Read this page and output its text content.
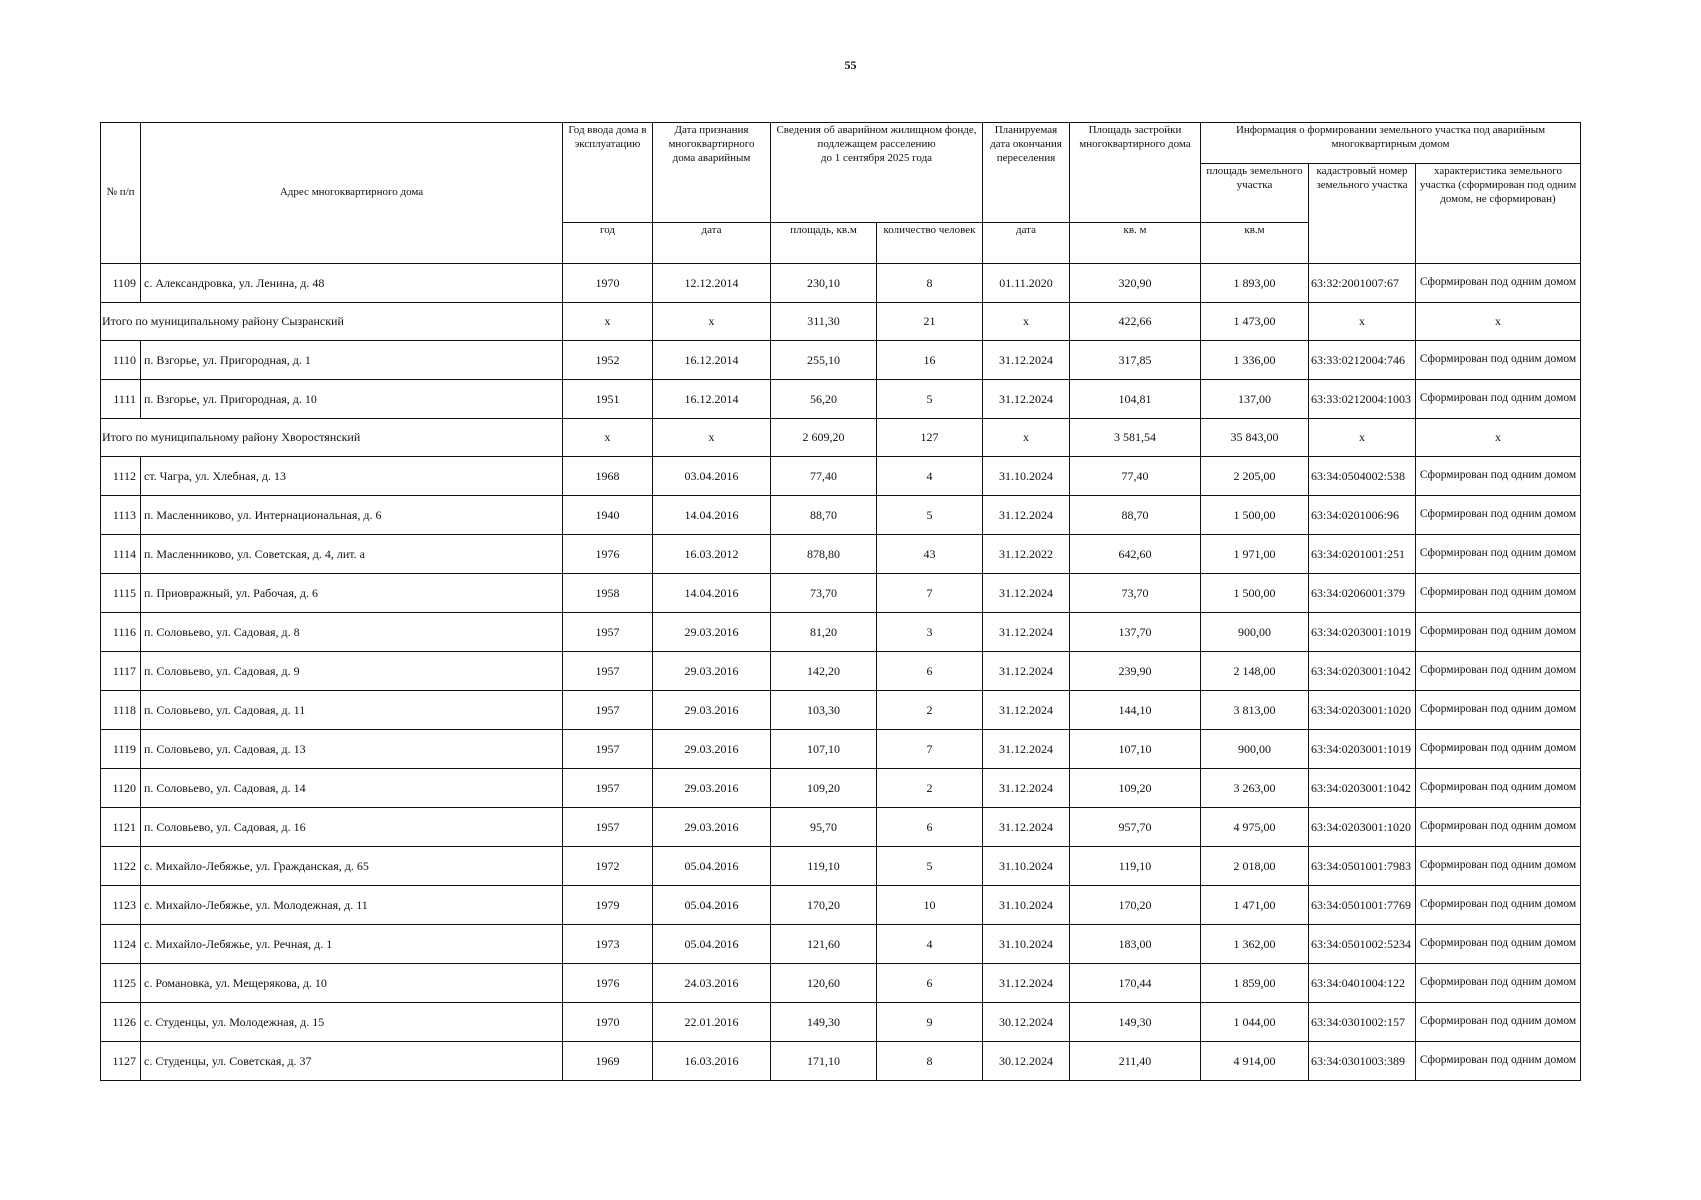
55
№ п/п	Адрес многоквартирного дома	Год ввода дома в эксплуатацию	Дата признания многоквартирного дома аварийным	Сведения об аварийном жилищном фонде,
подлежащем расселению
до 1 сентября 2025 года		Планируемая дата окончания переселения	Площадь застройки многоквартирного дома	Информация о формировании земельного участка под аварийным многоквартирным домом		
								площадь земельного участка	кадастровый номер земельного участка	характеристика земельного участка (сформирован под одним домом, не сформирован)
		год	дата	площадь, кв.м	количество человек	дата	кв. м	кв.м		
1109	с. Александровка, ул. Ленина, д. 48	1970	12.12.2014	230,10	8	01.11.2020	320,90	1 893,00	63:32:2001007:67	Сформирован под одним домом
Итого по муниципальному району Сызранский		x	x	311,30	21	x	422,66	1 473,00	x	x
1110	п. Взгорье, ул. Пригородная, д. 1	1952	16.12.2014	255,10	16	31.12.2024	317,85	1 336,00	63:33:0212004:746	Сформирован под одним домом
1111	п. Взгорье, ул. Пригородная, д. 10	1951	16.12.2014	56,20	5	31.12.2024	104,81	137,00	63:33:0212004:1003	Сформирован под одним домом
Итого по муниципальному району Хворостянский		x	x	2 609,20	127	x	3 581,54	35 843,00	x	x
1112	ст. Чагра, ул. Хлебная, д. 13	1968	03.04.2016	77,40	4	31.10.2024	77,40	2 205,00	63:34:0504002:538	Сформирован под одним домом
1113	п. Масленниково, ул. Интернациональная, д. 6	1940	14.04.2016	88,70	5	31.12.2024	88,70	1 500,00	63:34:0201006:96	Сформирован под одним домом
1114	п. Масленниково, ул. Советская, д. 4, лит. а	1976	16.03.2012	878,80	43	31.12.2022	642,60	1 971,00	63:34:0201001:251	Сформирован под одним домом
1115	п. Приовражный, ул. Рабочая, д. 6	1958	14.04.2016	73,70	7	31.12.2024	73,70	1 500,00	63:34:0206001:379	Сформирован под одним домом
1116	п. Соловьево, ул. Садовая, д. 8	1957	29.03.2016	81,20	3	31.12.2024	137,70	900,00	63:34:0203001:1019	Сформирован под одним домом
1117	п. Соловьево, ул. Садовая, д. 9	1957	29.03.2016	142,20	6	31.12.2024	239,90	2 148,00	63:34:0203001:1042	Сформирован под одним домом
1118	п. Соловьево, ул. Садовая, д. 11	1957	29.03.2016	103,30	2	31.12.2024	144,10	3 813,00	63:34:0203001:1020	Сформирован под одним домом
1119	п. Соловьево, ул. Садовая, д. 13	1957	29.03.2016	107,10	7	31.12.2024	107,10	900,00	63:34:0203001:1019	Сформирован под одним домом
1120	п. Соловьево, ул. Садовая, д. 14	1957	29.03.2016	109,20	2	31.12.2024	109,20	3 263,00	63:34:0203001:1042	Сформирован под одним домом
1121	п. Соловьево, ул. Садовая, д. 16	1957	29.03.2016	95,70	6	31.12.2024	957,70	4 975,00	63:34:0203001:1020	Сформирован под одним домом
1122	с. Михайло-Лебяжье, ул. Гражданская, д. 65	1972	05.04.2016	119,10	5	31.10.2024	119,10	2 018,00	63:34:0501001:7983	Сформирован под одним домом
1123	с. Михайло-Лебяжье, ул. Молодежная, д. 11	1979	05.04.2016	170,20	10	31.10.2024	170,20	1 471,00	63:34:0501001:7769	Сформирован под одним домом
1124	с. Михайло-Лебяжье, ул. Речная, д. 1	1973	05.04.2016	121,60	4	31.10.2024	183,00	1 362,00	63:34:0501002:5234	Сформирован под одним домом
1125	с. Романовка, ул. Мещерякова, д. 10	1976	24.03.2016	120,60	6	31.12.2024	170,44	1 859,00	63:34:0401004:122	Сформирован под одним домом
1126	с. Студенцы, ул. Молодежная, д. 15	1970	22.01.2016	149,30	9	30.12.2024	149,30	1 044,00	63:34:0301002:157	Сформирован под одним домом
1127	с. Студенцы, ул. Советская, д. 37	1969	16.03.2016	171,10	8	30.12.2024	211,40	4 914,00	63:34:0301003:389	Сформирован под одним домом
